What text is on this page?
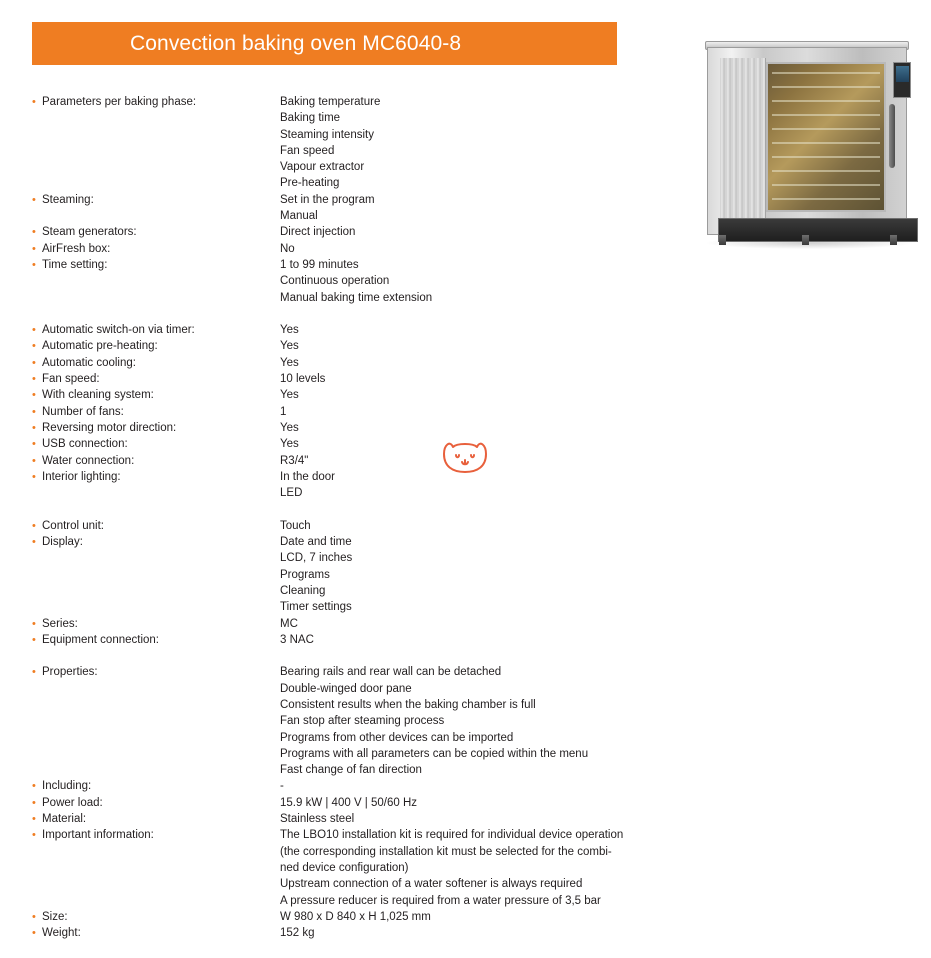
Convection baking oven MC6040-8
• Parameters per baking phase:	Baking temperature
Baking time
Steaming intensity
Fan speed
Vapour extractor
Pre-heating
• Steaming:	Set in the program
Manual
• Steam generators:	Direct injection
• AirFresh box:	No
• Time setting:	1 to 99 minutes
Continuous operation
Manual baking time extension
• Automatic switch-on via timer:	Yes
• Automatic pre-heating:	Yes
• Automatic cooling:	Yes
• Fan speed:	10 levels
• With cleaning system:	Yes
• Number of fans:	1
• Reversing motor direction:	Yes
• USB connection:	Yes
• Water connection:	R3/4"
• Interior lighting:	In the door
LED
• Control unit:	Touch
• Display:	Date and time
LCD, 7 inches
Programs
Cleaning
Timer settings
• Series:	MC
• Equipment connection:	3 NAC
• Properties:	Bearing rails and rear wall can be detached
Double-winged door pane
Consistent results when the baking chamber is full
Fan stop after steaming process
Programs from other devices can be imported
Programs with all parameters can be copied within the menu
Fast change of fan direction
• Including:	-
• Power load:	15.9 kW | 400 V | 50/60 Hz
• Material:	Stainless steel
• Important information:	The LBO10 installation kit is required for individual device operation
(the corresponding installation kit must be selected for the combi-
ned device configuration)
Upstream connection of a water softener is always required
A pressure reducer is required from a water pressure of 3,5 bar
• Size:	W 980 x D 840 x H 1,025 mm
• Weight:	152 kg
